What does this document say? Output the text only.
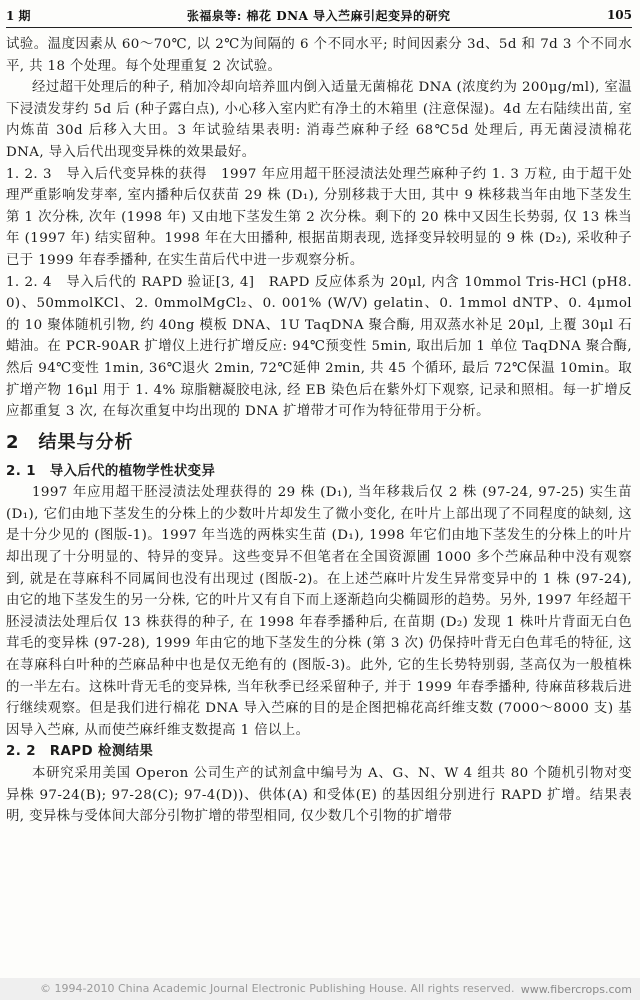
1 期	张福泉等: 棉花 DNA 导入苎麻引起变异的研究	105

试验。温度因素从 60～70℃, 以 2℃为间隔的 6 个不同水平; 时间因素分 3d、5d 和 7d 3 个不同水平, 共 18 个处理。每个处理重复 2 次试验。

经过超干处理后的种子, 稍加冷却向培养皿内倒入适量无菌棉花 DNA (浓度约为 200μg/ml), 室温下浸渍发芽约 5d 后 (种子露白点), 小心移入室内贮有净土的木箱里 (注意保湿)。4d 左右陆续出苗, 室内炼苗 30d 后移入大田。3 年试验结果表明: 消毒苎麻种子经 68℃5d 处理后, 再无菌浸渍棉花 DNA, 导入后代出现变异株的效果最好。

1. 2. 3　导入后代变异株的获得　 1997 年应用超干胚浸渍法处理苎麻种子约 1. 3 万粒, 由于超干处理严重影响发芽率, 室内播种后仅获苗 29 株 (D₁), 分别移栽于大田, 其中 9 株移栽当年由地下茎发生第 1 次分株, 次年 (1998 年) 又由地下茎发生第 2 次分株。剩下的 20 株中又因生长势弱, 仅 13 株当年 (1997 年) 结实留种。1998 年在大田播种, 根据苗期表现, 选择变异较明显的 9 株 (D₂), 采收种子已于 1999 年春季播种, 在实生苗后代中进一步观察分析。

1. 2. 4　导入后代的 RAPD 验证[3, 4]　 RAPD 反应体系为 20μl, 内含 10mmol Tris-HCl (pH8. 0)、50mmolKCl、2. 0mmolMgCl₂、0. 001% (W/V) gelatin、0. 1mmol dNTP、0. 4μmol 的 10 聚体随机引物, 约 40ng 模板 DNA、1U TaqDNA 聚合酶, 用双蒸水补足 20μl, 上覆 30μl 石蜡油。在 PCR-90AR 扩增仪上进行扩增反应: 94℃预变性 5min, 取出后加 1 单位 TaqDNA 聚合酶, 然后 94℃变性 1min, 36℃退火 2min, 72℃延伸 2min, 共 45 个循环, 最后 72℃保温 10min。取扩增产物 16μl 用于 1. 4% 琼脂糖凝胶电泳, 经 EB 染色后在紫外灯下观察, 记录和照相。每一扩增反应都重复 3 次, 在每次重复中均出现的 DNA 扩增带才可作为特征带用于分析。

2　结果与分析
2. 1　导入后代的植物学性状变异

1997 年应用超干胚浸渍法处理获得的 29 株 (D₁), 当年移栽后仅 2 株 (97-24, 97-25) 实生苗 (D₁), 它们由地下茎发生的分株上的少数叶片却发生了微小变化, 在叶片上部出现了不同程度的缺刻, 这是十分少见的 (图版-1)。1997 年当选的两株实生苗 (D₁), 1998 年它们由地下茎发生的分株上的叶片却出现了十分明显的、特异的变异。这些变异不但笔者在全国资源圃 1000 多个苎麻品种中没有观察到, 就是在荨麻科不同属间也没有出现过 (图版-2)。在上述苎麻叶片发生异常变异中的 1 株 (97-24), 由它的地下茎发生的另一分株, 它的叶片又有自下而上逐渐趋向尖椭圆形的趋势。另外, 1997 年经超干胚浸渍法处理后仅 13 株获得的种子, 在 1998 年春季播种后, 在苗期 (D₂) 发现 1 株叶片背面无白色茸毛的变异株 (97-28), 1999 年由它的地下茎发生的分株 (第 3 次) 仍保持叶背无白色茸毛的特征, 这在荨麻科白叶种的苎麻品种中也是仅无绝有的 (图版-3)。此外, 它的生长势特别弱, 茎高仅为一般植株的一半左右。这株叶背无毛的变异株, 当年秋季已经采留种子, 并于 1999 年春季播种, 待麻苗移栽后进行继续观察。但是我们进行棉花 DNA 导入苎麻的目的是企图把棉花高纤维支数 (7000～8000 支) 基因导入苎麻, 从而使苎麻纤维支数提高 1 倍以上。

2. 2　RAPD 检测结果

本研究采用美国 Operon 公司生产的试剂盒中编号为 A、G、N、W 4 组共 80 个随机引物对变异株 97-24(B); 97-28(C); 97-4(D))、供体(A) 和受体(E) 的基因组分别进行 RAPD 扩增。结果表明, 变异株与受体间大部分引物扩增的带型相同, 仅少数几个引物的扩增带

© 1994-2010 China Academic Journal Electronic Publishing House. All rights reserved. www.fibercrops.com
